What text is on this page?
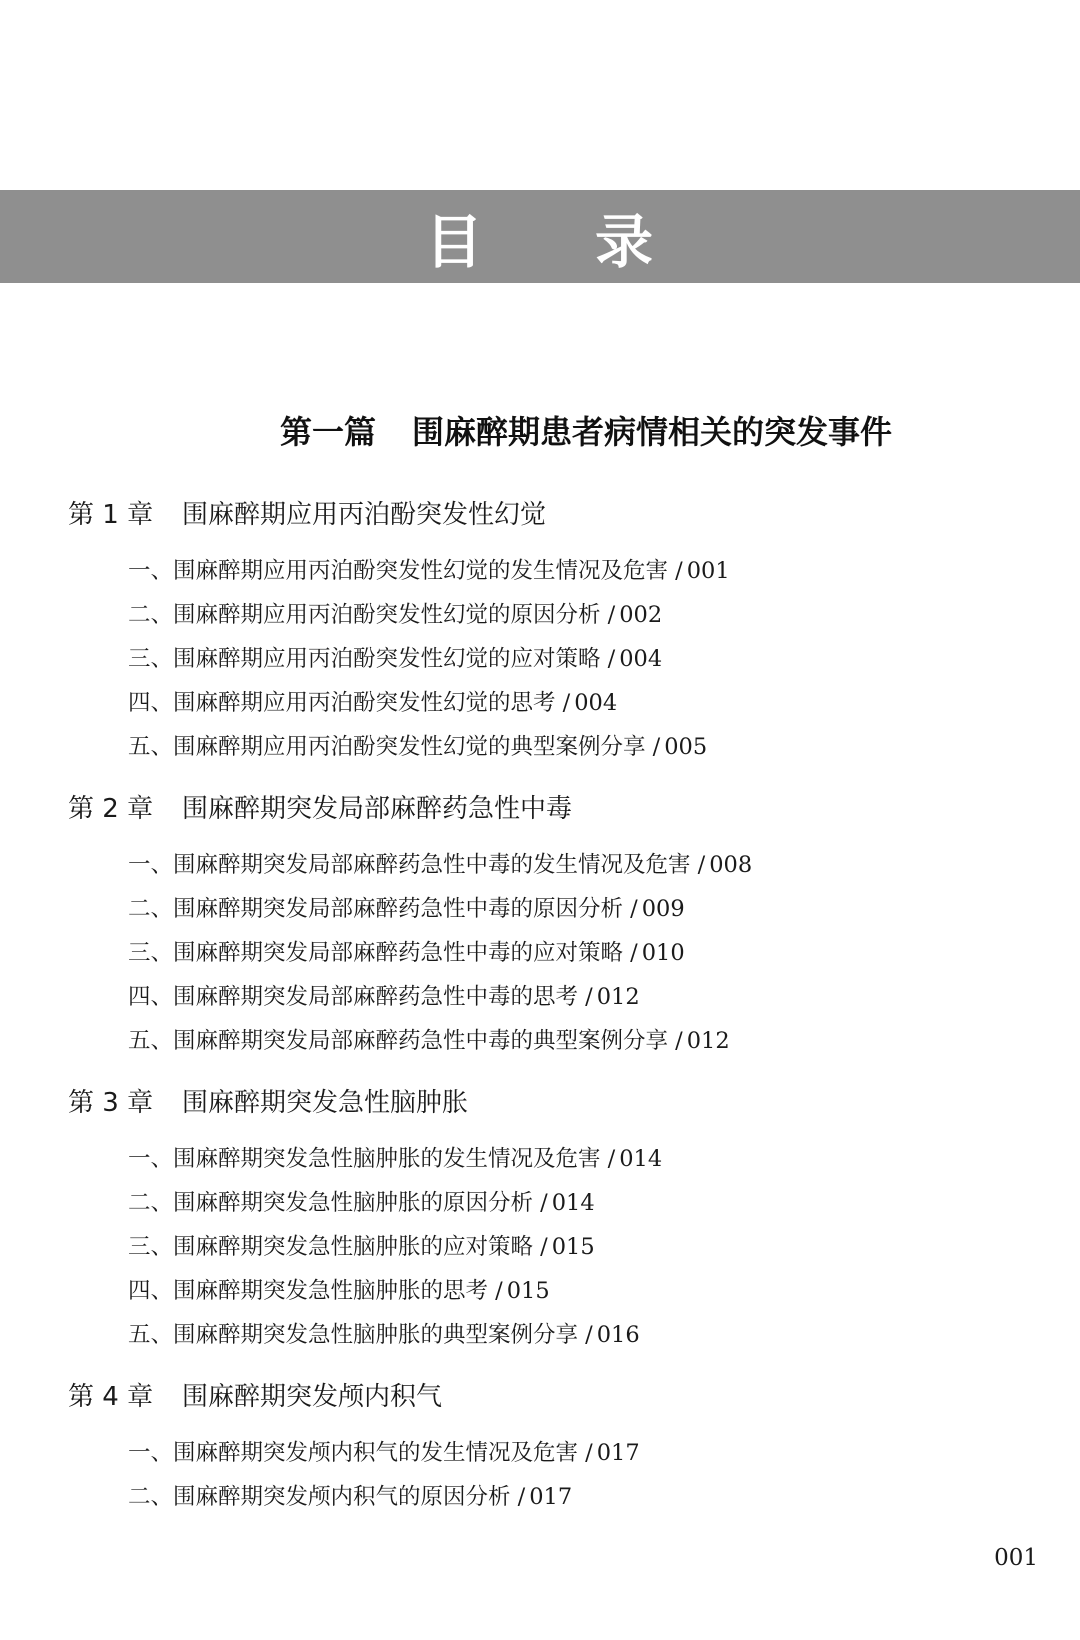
目 录
第一篇 围麻醉期患者病情相关的突发事件
第 1 章 围麻醉期应用丙泊酚突发性幻觉
一、围麻醉期应用丙泊酚突发性幻觉的发生情况及危害 / 001
二、围麻醉期应用丙泊酚突发性幻觉的原因分析 / 002
三、围麻醉期应用丙泊酚突发性幻觉的应对策略 / 004
四、围麻醉期应用丙泊酚突发性幻觉的思考 / 004
五、围麻醉期应用丙泊酚突发性幻觉的典型案例分享 / 005
第 2 章 围麻醉期突发局部麻醉药急性中毒
一、围麻醉期突发局部麻醉药急性中毒的发生情况及危害 / 008
二、围麻醉期突发局部麻醉药急性中毒的原因分析 / 009
三、围麻醉期突发局部麻醉药急性中毒的应对策略 / 010
四、围麻醉期突发局部麻醉药急性中毒的思考 / 012
五、围麻醉期突发局部麻醉药急性中毒的典型案例分享 / 012
第 3 章 围麻醉期突发急性脑肿胀
一、围麻醉期突发急性脑肿胀的发生情况及危害 / 014
二、围麻醉期突发急性脑肿胀的原因分析 / 014
三、围麻醉期突发急性脑肿胀的应对策略 / 015
四、围麻醉期突发急性脑肿胀的思考 / 015
五、围麻醉期突发急性脑肿胀的典型案例分享 / 016
第 4 章 围麻醉期突发颅内积气
一、围麻醉期突发颅内积气的发生情况及危害 / 017
二、围麻醉期突发颅内积气的原因分析 / 017
001
